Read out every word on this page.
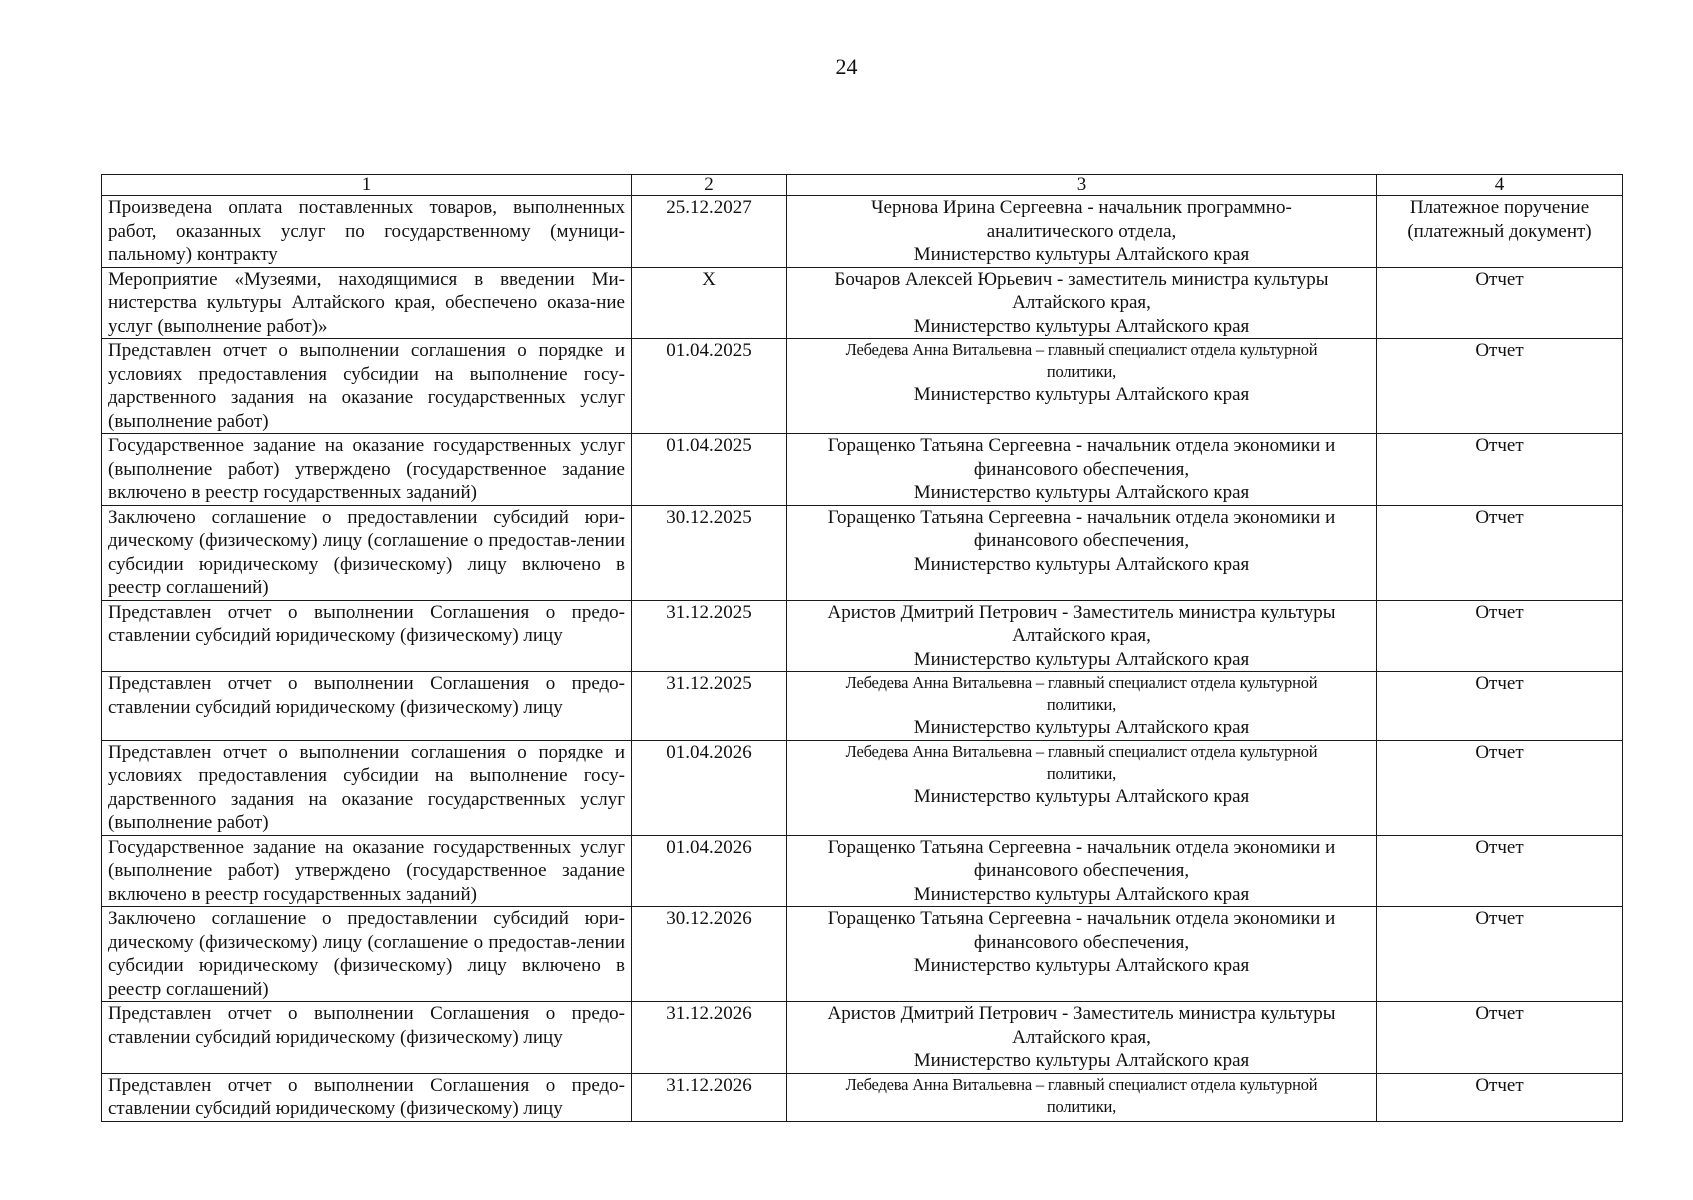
24
1	2	3	4
Произведена оплата поставленных товаров, выполненных работ, оказанных услуг по государственному (муници-пальному) контракту	25.12.2027	Чернова Ирина Сергеевна - начальник программно-
аналитического отдела,
Министерство культуры Алтайского края	Платежное поручение (платежный документ)
Мероприятие «Музеями, находящимися в введении Ми-нистерства культуры Алтайского края, обеспечено оказа-ние услуг (выполнение работ)»	X	Бочаров Алексей Юрьевич - заместитель министра культуры
Алтайского края,
Министерство культуры Алтайского края	Отчет
Представлен отчет о выполнении соглашения о порядке и условиях предоставления субсидии на выполнение госу-дарственного задания на оказание государственных услуг (выполнение работ)	01.04.2025	Лебедева Анна Витальевна – главный специалист отдела культурной
политики,
Министерство культуры Алтайского края	Отчет
Государственное задание на оказание государственных услуг (выполнение работ) утверждено (государственное задание включено в реестр государственных заданий)	01.04.2025	Горащенко Татьяна Сергеевна - начальник отдела экономики и
финансового обеспечения,
Министерство культуры Алтайского края	Отчет
Заключено соглашение о предоставлении субсидий юри-дическому (физическому) лицу (соглашение о предостав-лении субсидии юридическому (физическому) лицу включено в реестр соглашений)	30.12.2025	Горащенко Татьяна Сергеевна - начальник отдела экономики и
финансового обеспечения,
Министерство культуры Алтайского края	Отчет
Представлен отчет о выполнении Соглашения о предо-ставлении субсидий юридическому (физическому) лицу	31.12.2025	Аристов Дмитрий Петрович - Заместитель министра культуры
Алтайского края,
Министерство культуры Алтайского края	Отчет
Представлен отчет о выполнении Соглашения о предо-ставлении субсидий юридическому (физическому) лицу	31.12.2025	Лебедева Анна Витальевна – главный специалист отдела культурной
политики,
Министерство культуры Алтайского края	Отчет
Представлен отчет о выполнении соглашения о порядке и условиях предоставления субсидии на выполнение госу-дарственного задания на оказание государственных услуг (выполнение работ)	01.04.2026	Лебедева Анна Витальевна – главный специалист отдела культурной
политики,
Министерство культуры Алтайского края	Отчет
Государственное задание на оказание государственных услуг (выполнение работ) утверждено (государственное задание включено в реестр государственных заданий)	01.04.2026	Горащенко Татьяна Сергеевна - начальник отдела экономики и
финансового обеспечения,
Министерство культуры Алтайского края	Отчет
Заключено соглашение о предоставлении субсидий юри-дическому (физическому) лицу (соглашение о предостав-лении субсидии юридическому (физическому) лицу включено в реестр соглашений)	30.12.2026	Горащенко Татьяна Сергеевна - начальник отдела экономики и
финансового обеспечения,
Министерство культуры Алтайского края	Отчет
Представлен отчет о выполнении Соглашения о предо-ставлении субсидий юридическому (физическому) лицу	31.12.2026	Аристов Дмитрий Петрович - Заместитель министра культуры
Алтайского края,
Министерство культуры Алтайского края	Отчет
Представлен отчет о выполнении Соглашения о предо-ставлении субсидий юридическому (физическому) лицу	31.12.2026	Лебедева Анна Витальевна – главный специалист отдела культурной
политики,	Отчет
